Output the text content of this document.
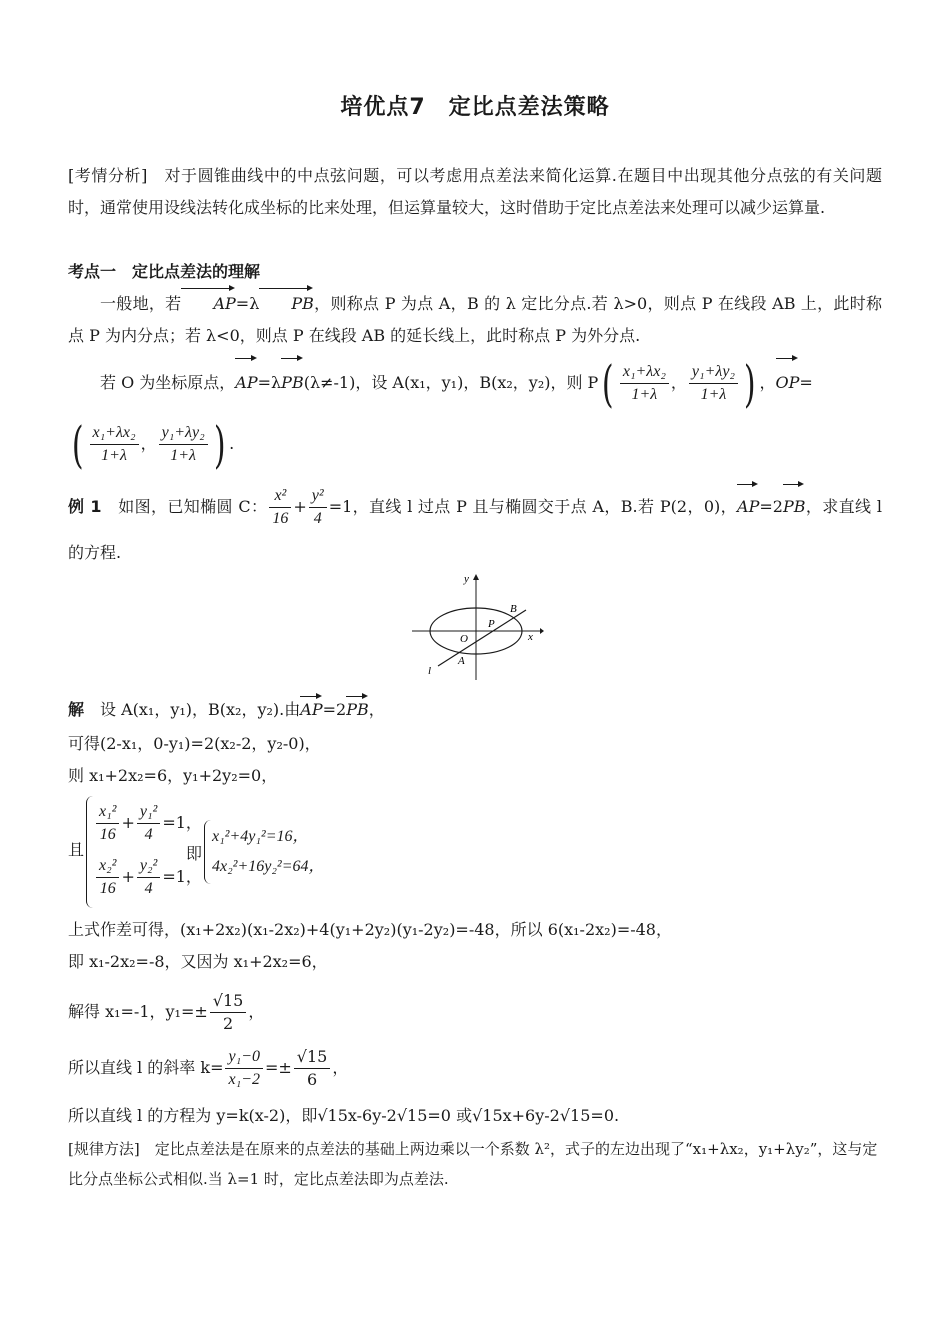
培优点7　定比点差法策略
[考情分析]　对于圆锥曲线中的中点弦问题，可以考虑用点差法来简化运算.在题目中出现其他分点弦的有关问题时，通常使用设线法转化成坐标的比来处理，但运算量较大，这时借助于定比点差法来处理可以减少运算量.
考点一　定比点差法的理解
一般地，若 AP=λ PB，则称点 P 为点 A，B 的 λ 定比分点.若 λ>0，则点 P 在线段 AB 上，此时称点 P 为内分点；若 λ<0，则点 P 在线段 AB 的延长线上，此时称点 P 为外分点.
若 O 为坐标原点，AP=λPB(λ≠-1)，设 A(x₁，y₁)，B(x₂，y₂)，则 $P( \frac{\text{x₁+λx₂}}{1+\lambda}$ ， $\frac{\text{y₁+λy₂}}{1+\lambda}$ ) ，OP=
( $\frac{\text{x₁+λx₂}}{1+\lambda}$ ， $\frac{\text{y₁+λy₂}}{1+\lambda}$ ) .
例 1　如图，已知椭圆 C： $\frac{\text{x²}}{16} + \frac{\text{y²}}{4} =1$，直线 l 过点 P 且与椭圆交于点 A，B.若 P(2，0)，AP=2PB，求直线 l 的方程.
y
x
O
P
A
B
l
解　设 A(x₁，y₁)，B(x₂，y₂).由AP=2PB，
可得(2-x₁，0-y₁)=2(x₂-2，y₂-0)，
则 x₁+2x₂=6，y₁+2y₂=0，
且
$\frac{\text{x₁²}}{16} + \frac{\text{y₁²}}{4} =1$，
$\frac{\text{x₂²}}{16} + \frac{\text{y₂²}}{4} =1$，
即
x₁²+4y₁²=16，
4x₂²+16y₂²=64，
上式作差可得，(x₁+2x₂)(x₁-2x₂)+4(y₁+2y₂)(y₁-2y₂)=-48，所以 6(x₁-2x₂)=-48，
即 x₁-2x₂=-8，又因为 x₁+2x₂=6，
解得 x₁=-1，$y_1=\pm \frac{√15}{2}$ ，
所以直线 l 的斜率 $k= \frac{\text{y₁−0}}{\text{x₁−2}} =\pm \frac{√15}{6}$ ，
所以直线 l 的方程为 y=k(x-2)，即√15x-6y-2√15=0 或√15x+6y-2√15=0.
[规律方法]　定比点差法是在原来的点差法的基础上两边乘以一个系数 λ²，式子的左边出现了“x₁+λx₂，y₁+λy₂”，这与定比分点坐标公式相似.当 λ=1 时，定比点差法即为点差法.
